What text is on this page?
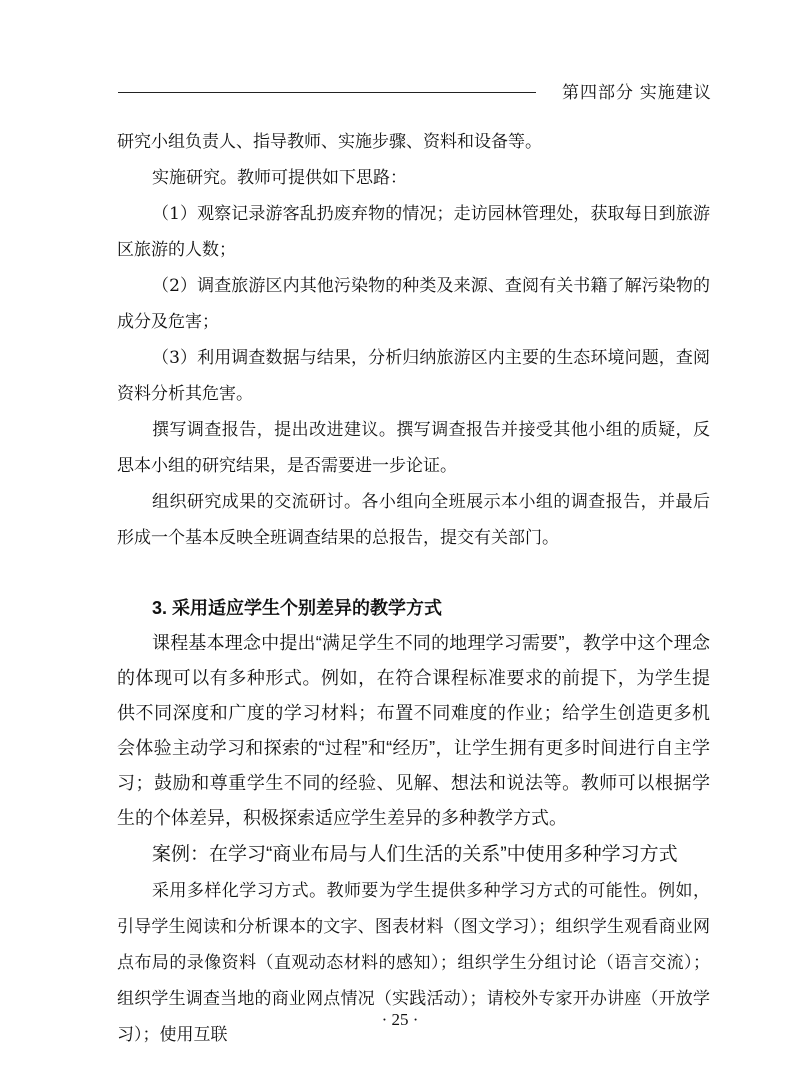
第四部分 实施建议

研究小组负责人、指导教师、实施步骤、资料和设备等。

实施研究。教师可提供如下思路：

（1）观察记录游客乱扔废弃物的情况；走访园林管理处，获取每日到旅游区旅游的人数；

（2）调查旅游区内其他污染物的种类及来源、查阅有关书籍了解污染物的成分及危害；

（3）利用调查数据与结果，分析归纳旅游区内主要的生态环境问题，查阅资料分析其危害。

撰写调查报告，提出改进建议。撰写调查报告并接受其他小组的质疑，反思本小组的研究结果，是否需要进一步论证。

组织研究成果的交流研讨。各小组向全班展示本小组的调查报告，并最后形成一个基本反映全班调查结果的总报告，提交有关部门。

3. 采用适应学生个别差异的教学方式

课程基本理念中提出“满足学生不同的地理学习需要”，教学中这个理念的体现可以有多种形式。例如，在符合课程标准要求的前提下，为学生提供不同深度和广度的学习材料；布置不同难度的作业；给学生创造更多机会体验主动学习和探索的“过程”和“经历”，让学生拥有更多时间进行自主学习；鼓励和尊重学生不同的经验、见解、想法和说法等。教师可以根据学生的个体差异，积极探索适应学生差异的多种教学方式。

案例：在学习“商业布局与人们生活的关系”中使用多种学习方式

采用多样化学习方式。教师要为学生提供多种学习方式的可能性。例如，引导学生阅读和分析课本的文字、图表材料（图文学习）；组织学生观看商业网点布局的录像资料（直观动态材料的感知）；组织学生分组讨论（语言交流）；组织学生调查当地的商业网点情况（实践活动）；请校外专家开办讲座（开放学习）；使用互联

· 25 ·
